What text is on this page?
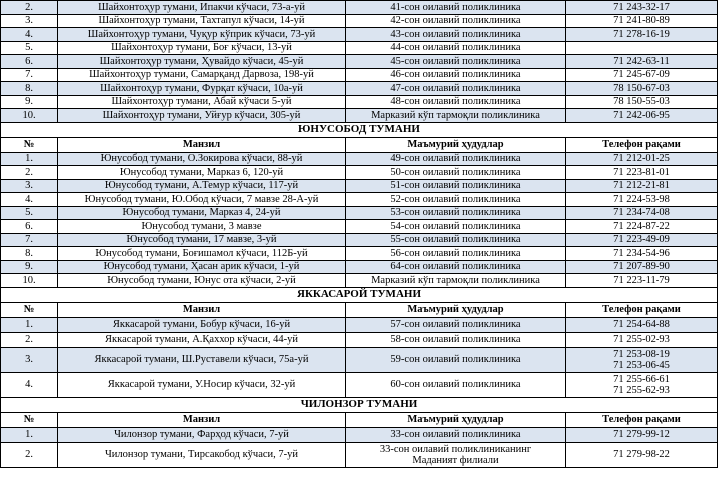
2.	Шайхонтоҳур тумани, Ипакчи кўчаси, 73-а-уй	41-сон оилавий поликлиника	71 243-32-17
3.	Шайхонтоҳур тумани, Тахтапул кўчаси, 14-уй	42-сон оилавий поликлиника	71 241-80-89
4.	Шайхонтоҳур тумани, Чуқур кўприк кўчаси, 73-уй	43-сон оилавий поликлиника	71 278-16-19
5.	Шайхонтоҳур тумани, Боғ кўчаси, 13-уй	44-сон оилавий поликлиника	
6.	Шайхонтоҳур тумани, Ҳувайдо кўчаси, 45-уй	45-сон оилавий поликлиника	71 242-63-11
7.	Шайхонтоҳур тумани, Самарқанд Дарвоза, 198-уй	46-сон оилавий поликлиника	71 245-67-09
8.	Шайхонтоҳур тумани, Фурқат кўчаси, 10а-уй	47-сон оилавий поликлиника	78 150-67-03
9.	Шайхонтоҳур тумани, Абай кўчаси 5-уй	48-сон оилавий поликлиника	78 150-55-03
10.	Шайхонтоҳур тумани, Уйғур кўчаси, 305-уй	Марказий кўп тармоқли поликлиника	71 242-06-95
ЮНУСОБОД ТУМАНИ			
№	Манзил	Маъмурий ҳудудлар	Телефон рақами
1.	Юнусобод тумани, О.Зокирова кўчаси, 88-уй	49-сон оилавий поликлиника	71 212-01-25
2.	Юнусобод тумани, Марказ 6, 120-уй	50-сон оилавий поликлиника	71 223-81-01
3.	Юнусобод тумани, А.Темур кўчаси, 117-уй	51-сон оилавий поликлиника	71 212-21-81
4.	Юнусобод тумани, Ю.Обод кўчаси, 7 мавзе 28-А-уй	52-сон оилавий поликлиника	71 224-53-98
5.	Юнусобод тумани, Марказ 4, 24-уй	53-сон оилавий поликлиника	71 234-74-08
6.	Юнусобод тумани, 3 мавзе	54-сон оилавий поликлиника	71 224-87-22
7.	Юнусобод тумани, 17 мавзе, 3-уй	55-сон оилавий поликлиника	71 223-49-09
8.	Юнусобод тумани, Боғишамол кўчаси, 112Б-уй	56-сон оилавий поликлиника	71 234-54-96
9.	Юнусобод тумани, Ҳасан арик кўчаси, 1-уй	64-сон оилавий поликлиника	71 207-89-90
10.	Юнусобод тумани, Юнус ота кўчаси, 2-уй	Марказий кўп тармоқли поликлиника	71 223-11-79
ЯККАСАРОЙ ТУМАНИ			
№	Манзил	Маъмурий ҳудудлар	Телефон рақами
1.	Яккасарой тумани, Бобур кўчаси, 16-уй	57-сон оилавий поликлиника	71 254-64-88

2.	Яккасарой тумани, А.Қаххор кўчаси, 44-уй	58-сон оилавий поликлиника	71 255-02-93

3.	Яккасарой тумани, Ш.Руставели кўчаси, 75а-уй	59-сон оилавий поликлиника	71 253-08-19
71 253-06-45

4.	Яккасарой тумани, У.Носир кўчаси, 32-уй	60-сон оилавий поликлиника	71 255-66-61
71 255-62-93

ЧИЛОНЗОР ТУМАНИ			
№	Манзил	Маъмурий ҳудудлар	Телефон рақами
1.	Чилонзор тумани, Фарҳод кўчаси, 7-уй	33-сон оилавий поликлиника	71 279-99-12
2.	Чилонзор тумани, Тирсакобод кўчаси, 7-уй	33-сон оилавий поликлиниканинг
Маданият филиали	71 279-98-22
